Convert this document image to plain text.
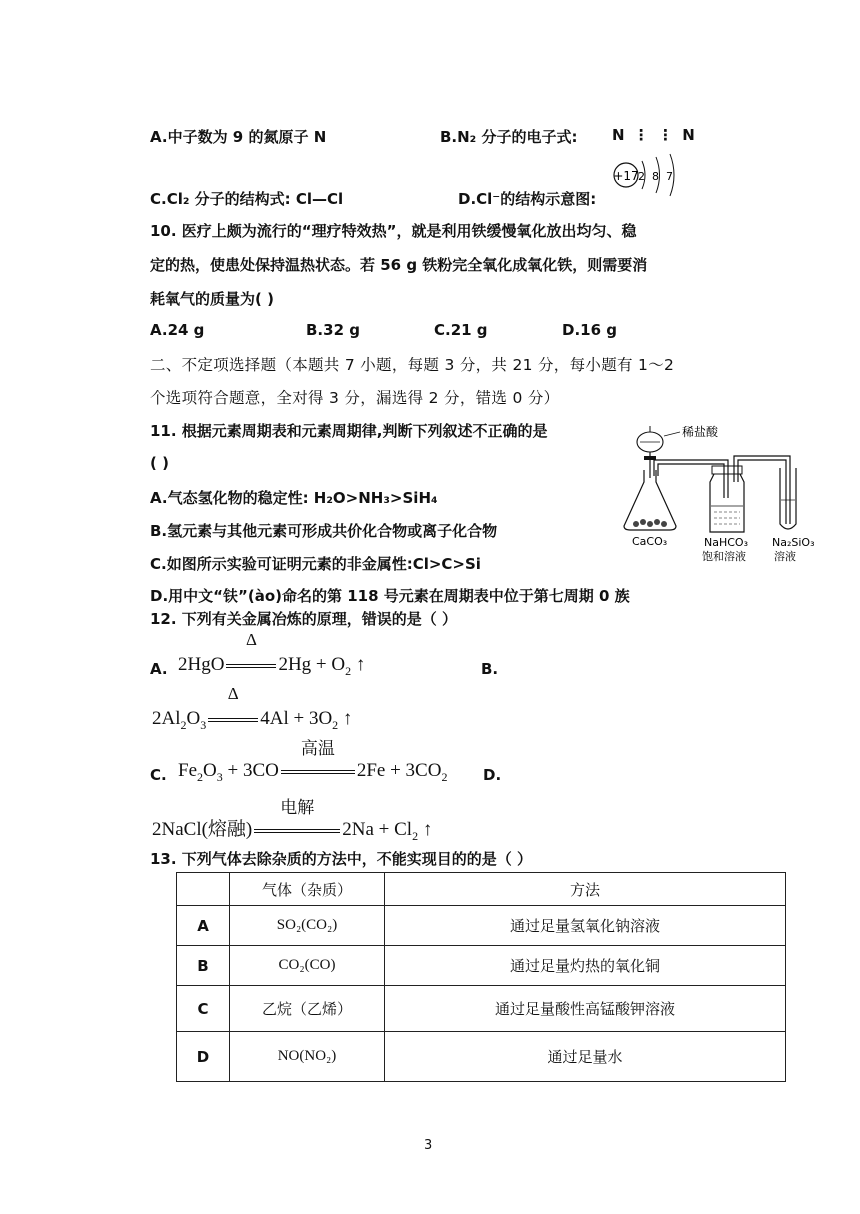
A.中子数为 9 的氮原子 N	B.N₂ 分子的电子式: N ⋮ ⋮ N
C.Cl₂ 分子的结构式: Cl—Cl	D.Cl⁻的结构示意图:
+17 2 8 7
10. 医疗上颇为流行的“理疗特效热”，就是利用铁缓慢氧化放出均匀、稳
定的热，使患处保持温热状态。若 56 g 铁粉完全氧化成氧化铁，则需要消
耗氧气的质量为( )
A.24 g	B.32 g	C.21 g	D.16 g
二、不定项选择题（本题共 7 小题，每题 3 分，共 21 分，每小题有 1～2
个选项符合题意，全对得 3 分，漏选得 2 分，错选 0 分）
11. 根据元素周期表和元素周期律,判断下列叙述不正确的是
( )
A.气态氢化物的稳定性: H₂O>NH₃>SiH₄
B.氢元素与其他元素可形成共价化合物或离子化合物
C.如图所示实验可证明元素的非金属性:Cl>C>Si
D.用中文“𫓧”(ào)命名的第 118 号元素在周期表中位于第七周期 0 族
稀盐酸
CaCO₃	NaHCO₃
饱和溶液
Na₂SiO₃
溶液
12. 下列有关金属冶炼的原理，错误的是（ ）
A. 2HgO
Δ
$2Hg + O_2$ ↑	B.
$2Al_2O_3$
Δ
$4Al + 3O_2$ ↑
C. $Fe_2O_3 + 3CO$
高温
$2Fe + 3CO_2$ D.
2NaCl(熔融)
电解
$2Na + Cl_2$ ↑
13. 下列气体去除杂质的方法中，不能实现目的的是（ ）
	气体（杂质）	方法
A	SO₂(CO₂)	通过足量氢氧化钠溶液
B	CO₂(CO)	通过足量灼热的氧化铜
C	乙烷（乙烯）	通过足量酸性高锰酸钾溶液
D	NO(NO₂)	通过足量水
3
